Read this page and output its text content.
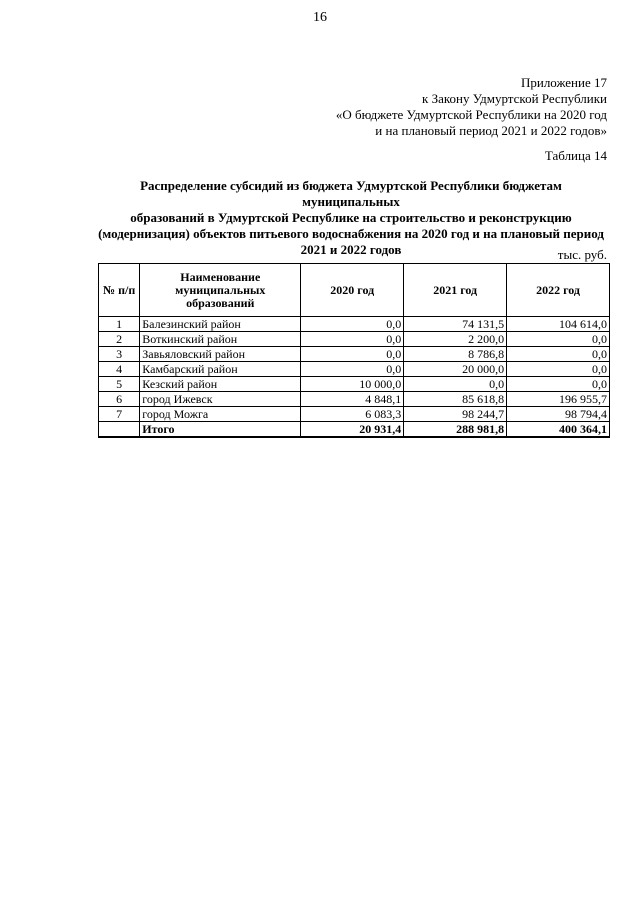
16
Приложение 17
к Закону Удмуртской Республики
«О бюджете Удмуртской Республики на 2020 год
и на плановый период 2021 и 2022 годов»
Таблица 14
Распределение субсидий из бюджета Удмуртской Республики бюджетам муниципальных
образований в Удмуртской Республике на строительство и реконструкцию
(модернизация) объектов питьевого водоснабжения на 2020 год и на плановый период
2021 и 2022 годов	тыс. руб.
№ п/п	Наименование муниципальных образований	2020 год	2021 год	2022 год
1	Балезинский район	0,0	74 131,5	104 614,0
2	Воткинский район	0,0	2 200,0	0,0
3	Завьяловский район	0,0	8 786,8	0,0
4	Камбарский район	0,0	20 000,0	0,0
5	Кезский район	10 000,0	0,0	0,0
6	город Ижевск	4 848,1	85 618,8	196 955,7
7	город Можга	6 083,3	98 244,7	98 794,4
	Итого	20 931,4	288 981,8	400 364,1
